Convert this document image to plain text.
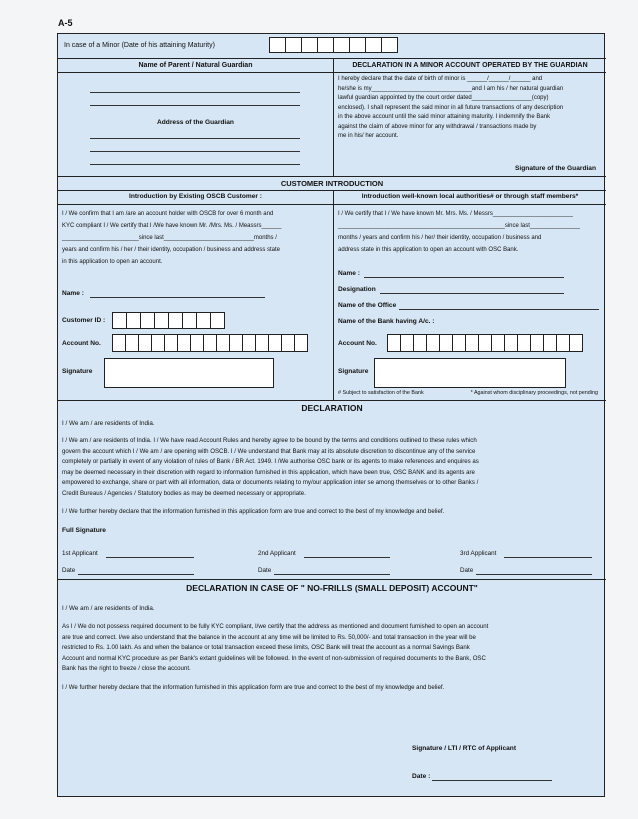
A-5
In case of a Minor (Date of his attaining Maturity)
Name of Parent / Natural Guardian	DECLARATION IN A MINOR ACCOUNT OPERATED BY THE GUARDIAN
Address of the Guardian
I hereby declare that the date of birth of minor is ______/______/______ and
he/she is my______________________________and I am his / her natural guardian
lawful guardian appointed by the court order dated__________________(copy)
enclosed). I shall represent the said minor in all future transactions of any description
in the above account until the said minor attaining maturity. I indemnify the Bank
against the claim of above minor for any withdrawal / transactions made by
me in his/ her account.
Signature of the Guardian
CUSTOMER INTRODUCTION
Introduction by Existing OSCB Customer :	Introduction well-known local authorities# or through staff members*
I / We confirm that I am /are an account holder with OSCB for over 6 month and
KYC compliant I / We certify that I /We have known Mr. /Mrs. Ms. / Meassrs______
_______________________since last___________________________months /
years and confirm his / her / their identity, occupation / business and address state
in this application to open an account.
I / We certify that I / We have known Mr. Mrs. Ms. / Messrs________________________
__________________________________________________since last_______________
months / years and confirm his / her/ their identity, occupation / business and
address state in this application to open an account with OSC Bank.
Name :
Customer ID :
Account No.
Signature
Name :
Designation
Name of the Office
Name of the Bank having A/c. :
Account No.
Signature
# Subject to satisfaction of the Bank	* Against whom disciplinary proceedings, not pending
DECLARATION
I / We am / are residents of India.
I / We am / are residents of India. I / We have read Account Rules and hereby agree to be bound by the terms and conditions outlined to these rules which
govern the account which I / We am / are opening with OSCB. I / We understand that Bank may at its absolute discretion to discontinue any of the service
completely or partially in event of any violation of rules of Bank / BR Act. 1949. I /We authorise OSC bank or its agents to make references and enquires as
may be deemed necessary in their discretion with regard to information furnished in this application, which have been true, OSC BANK and its agents are
empowered to exchange, share or part with all information, data or documents relating to my/our application inter se among themselves or to other Banks /
Credit Bureaus / Agencies / Statutory bodies as may be deemed necessary or appropriate.
I / We further hereby declare that the information furnished in this application form are true and correct to the best of my knowledge and belief.
Full Signature
1st Applicant	2nd Applicant	3rd Applicant
Date	Date	Date
DECLARATION IN CASE OF " NO-FRILLS (SMALL DEPOSIT) ACCOUNT"
I / We am / are residents of India.
As I / We do not possess required document to be fully KYC compliant, I/we certify that the address as mentioned and document furnished to open an account
are true and correct. I/we also understand that the balance in the account at any time will be limited to Rs. 50,000/- and total transaction in the year will be
restricted to Rs. 1.00 lakh. As and when the balance or total transaction exceed these limits, OSC Bank will treat the account as a normal Savings Bank
Account and normal KYC procedure as per Bank's extant guidelines will be followed. In the event of non-submission of required documents to the Bank, OSC
Bank has the right to freeze / close the account.
I / We further hereby declare that the information furnished in this application form are true and correct to the best of my knowledge and belief.
Signature / LTI / RTC of Applicant
Date :
